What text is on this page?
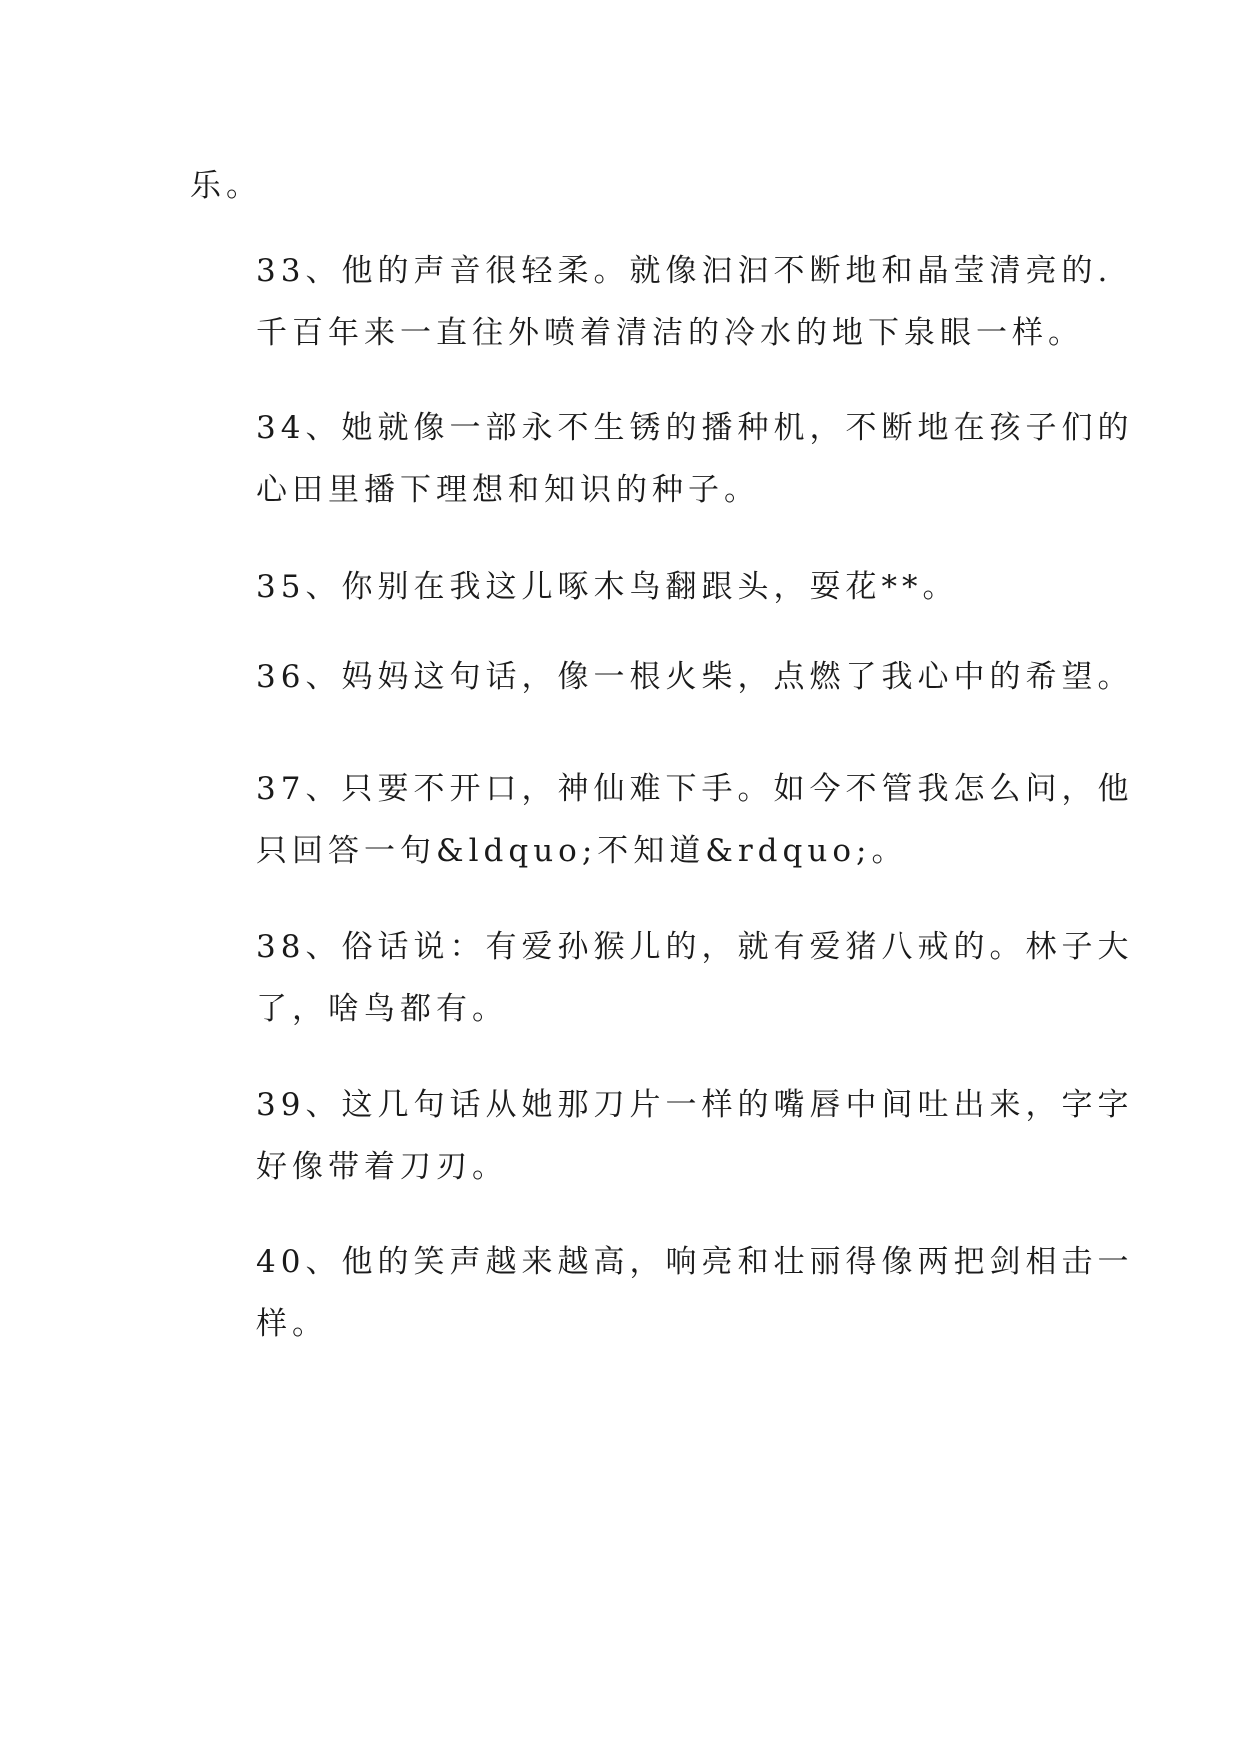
乐。

33、他的声音很轻柔。就像汩汩不断地和晶莹清亮的.
千百年来一直往外喷着清洁的冷水的地下泉眼一样。

34、她就像一部永不生锈的播种机，不断地在孩子们的
心田里播下理想和知识的种子。

35、你别在我这儿啄木鸟翻跟头，耍花**。

36、妈妈这句话，像一根火柴，点燃了我心中的希望。

37、只要不开口，神仙难下手。如今不管我怎么问，他
只回答一句&ldquo;不知道&rdquo;。

38、俗话说：有爱孙猴儿的，就有爱猪八戒的。林子大
了，啥鸟都有。

39、这几句话从她那刀片一样的嘴唇中间吐出来，字字
好像带着刀刃。

40、他的笑声越来越高，响亮和壮丽得像两把剑相击一
样。
